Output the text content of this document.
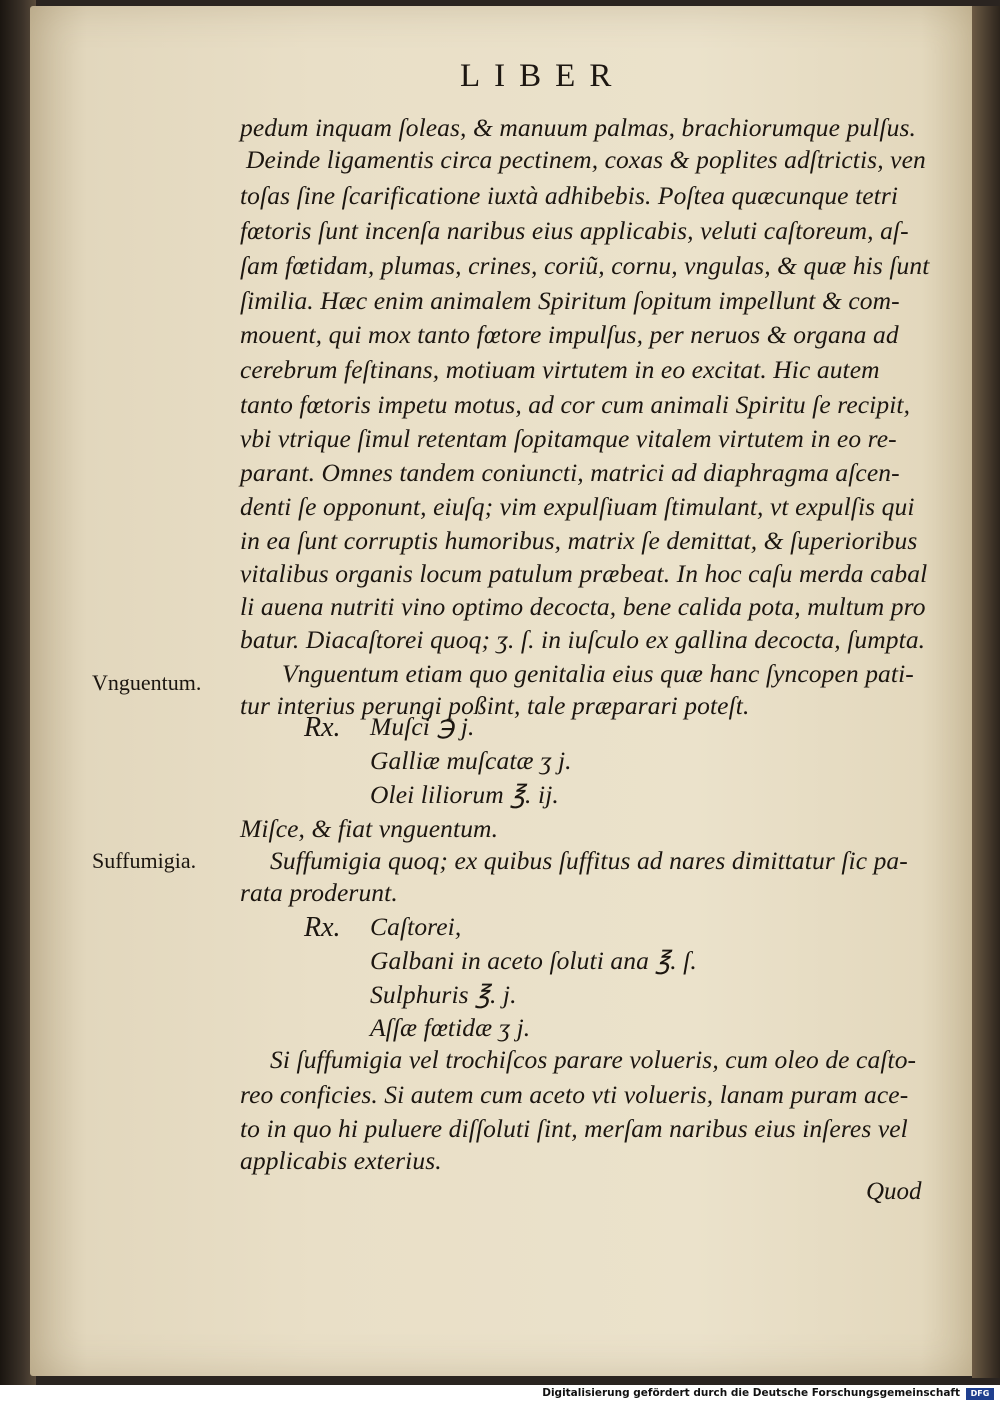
LIBER
pedum inquam ſoleas, & manuum palmas, brachiorumque pulſus.
Deinde ligamentis circa pectinem, coxas & poplites adſtrictis, ven
toſas ſine ſcarificatione iuxtà adhibebis. Poſtea quæcunque tetri
fœtoris ſunt incenſa naribus eius applicabis, veluti caſtoreum, aſ-
ſam fœtidam, plumas, crines, coriũ, cornu, vngulas, & quæ his ſunt
ſimilia. Hæc enim animalem Spiritum ſopitum impellunt & com-
mouent, qui mox tanto fœtore impulſus, per neruos & organa ad
cerebrum feſtinans, motiuam virtutem in eo excitat. Hic autem
tanto fœtoris impetu motus, ad cor cum animali Spiritu ſe recipit,
vbi vtrique ſimul retentam ſopitamque vitalem virtutem in eo re-
parant. Omnes tandem coniuncti, matrici ad diaphragma aſcen-
denti ſe opponunt, eiuſq; vim expulſiuam ſtimulant, vt expulſis qui
in ea ſunt corruptis humoribus, matrix ſe demittat, & ſuperioribus
vitalibus organis locum patulum præbeat. In hoc caſu merda cabal
li auena nutriti vino optimo decocta, bene calida pota, multum pro
batur. Diacaſtorei quoq; ʒ. ſ. in iuſculo ex gallina decocta, ſumpta.
Vnguentum.	Vnguentum etiam quo genitalia eius quæ hanc ſyncopen pati-
tur interius perungi poßint, tale præparari poteſt.
Rx. Muſci ℈ j.
Galliæ muſcatæ ʒ j.
Olei liliorum ℥. ij.
Miſce, & fiat vnguentum.
Suffumigia.	Suffumigia quoq; ex quibus ſuffitus ad nares dimittatur ſic pa-
rata proderunt.
Rx. Caſtorei,
Galbani in aceto ſoluti ana ℥. ſ.
Sulphuris ℥. j.
Aſſæ fœtidæ ʒ j.
Si ſuffumigia vel trochiſcos parare volueris, cum oleo de caſto-
reo conficies. Si autem cum aceto vti volueris, lanam puram ace-
to in quo hi puluere diſſoluti ſint, merſam naribus eius inſeres vel
applicabis exterius.
Quod
Digitalisierung gefördert durch die Deutsche Forschungsgemeinschaft	DFG
